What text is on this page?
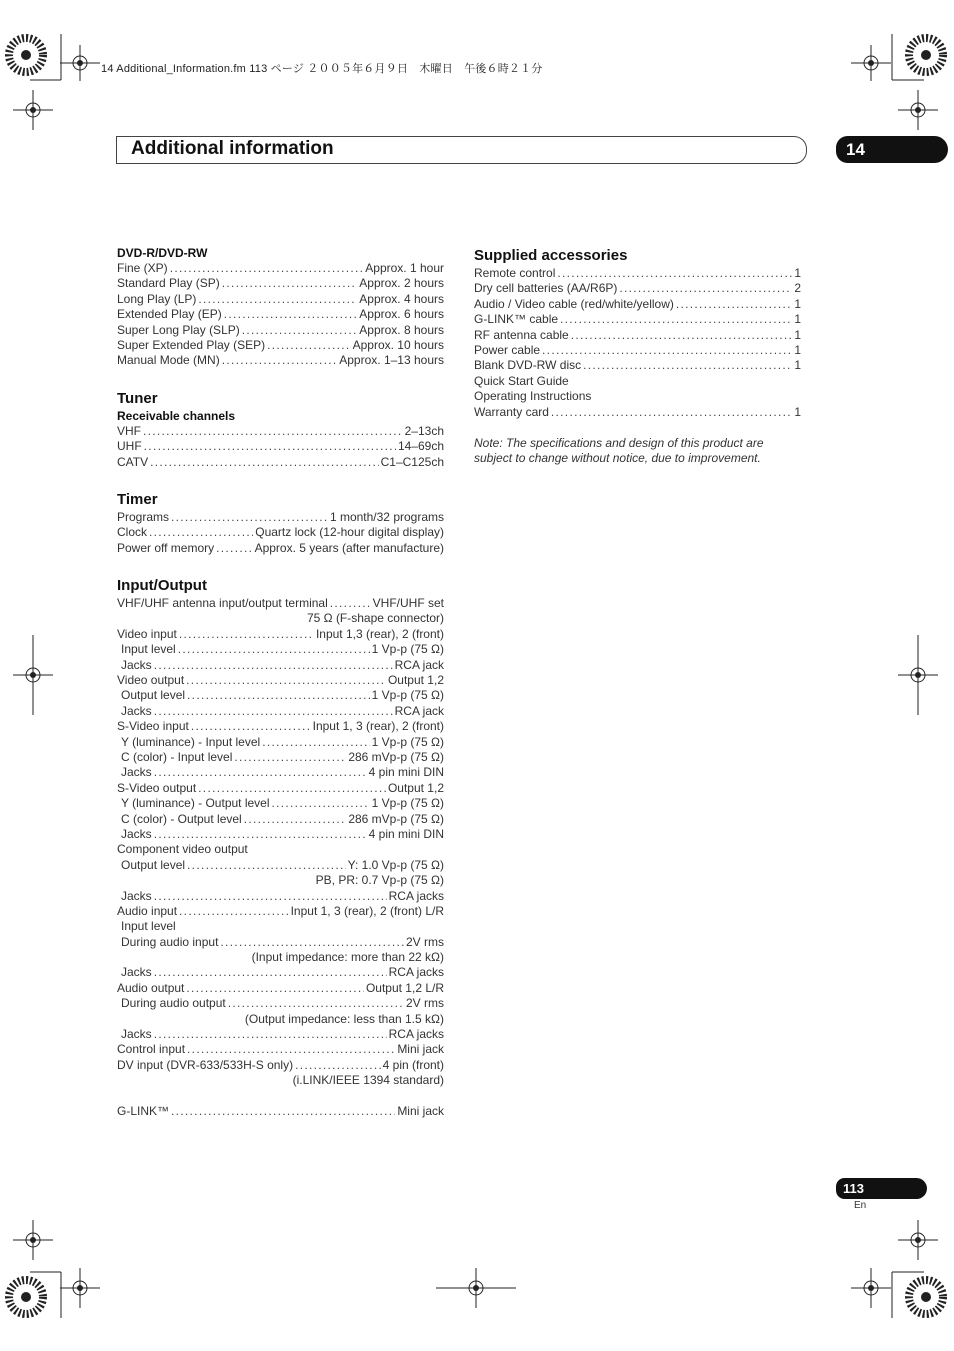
14 Additional_Information.fm 113 ページ ２００５年６月９日　木曜日　午後６時２１分
Additional information	14
DVD-R/DVD-RW
Fine (XP) .....	Approx. 1 hour
Standard Play (SP) .....	Approx. 2 hours
Long Play (LP) .....	Approx. 4 hours
Extended Play (EP) .....	Approx. 6 hours
Super Long Play (SLP) .....	Approx. 8 hours
Super Extended Play (SEP) .....	Approx. 10 hours
Manual Mode (MN) .....	Approx. 1–13 hours
Tuner
Receivable channels
VHF .....	2–13ch
UHF .....	14–69ch
CATV .....	C1–C125ch
Timer
Programs .....	1 month/32 programs
Clock .....	Quartz lock (12-hour digital display)
Power off memory .....	Approx. 5 years (after manufacture)
Input/Output
VHF/UHF antenna input/output terminal .....	VHF/UHF set
75 Ω (F-shape connector)
Video input .....	Input 1,3 (rear), 2 (front)
Input level .....	1 Vp-p (75 Ω)
Jacks .....	RCA jack
Video output .....	Output 1,2
Output level .....	1 Vp-p (75 Ω)
Jacks .....	RCA jack
S-Video input .....	Input 1, 3 (rear), 2 (front)
Y (luminance) - Input level .....	1 Vp-p (75 Ω)
C (color) - Input level .....	286 mVp-p (75 Ω)
Jacks .....	4 pin mini DIN
S-Video output .....	Output 1,2
Y (luminance) - Output level .....	1 Vp-p (75 Ω)
C (color) - Output level .....	286 mVp-p (75 Ω)
Jacks .....	4 pin mini DIN
Component video output
Output level .....	Y: 1.0 Vp-p (75 Ω)
PB, PR: 0.7 Vp-p (75 Ω)
Jacks .....	RCA jacks
Audio input .....	Input 1, 3 (rear), 2 (front) L/R
Input level
During audio input .....	2V rms
(Input impedance: more than 22 kΩ)
Jacks .....	RCA jacks
Audio output .....	Output 1,2 L/R
During audio output .....	2V rms
(Output impedance: less than 1.5 kΩ)
Jacks .....	RCA jacks
Control input .....	Mini jack
DV input (DVR-633/533H-S only) .....	4 pin (front)
(i.LINK/IEEE 1394 standard)
G-LINK™ .....	Mini jack
Supplied accessories
Remote control .....	1
Dry cell batteries (AA/R6P) .....	2
Audio / Video cable (red/white/yellow) .....	1
G-LINK™ cable .....	1
RF antenna cable .....	1
Power cable .....	1
Blank DVD-RW disc .....	1
Quick Start Guide
Operating Instructions
Warranty card .....	1
Note: The specifications and design of this product are subject to change without notice, due to improvement.
113
En
